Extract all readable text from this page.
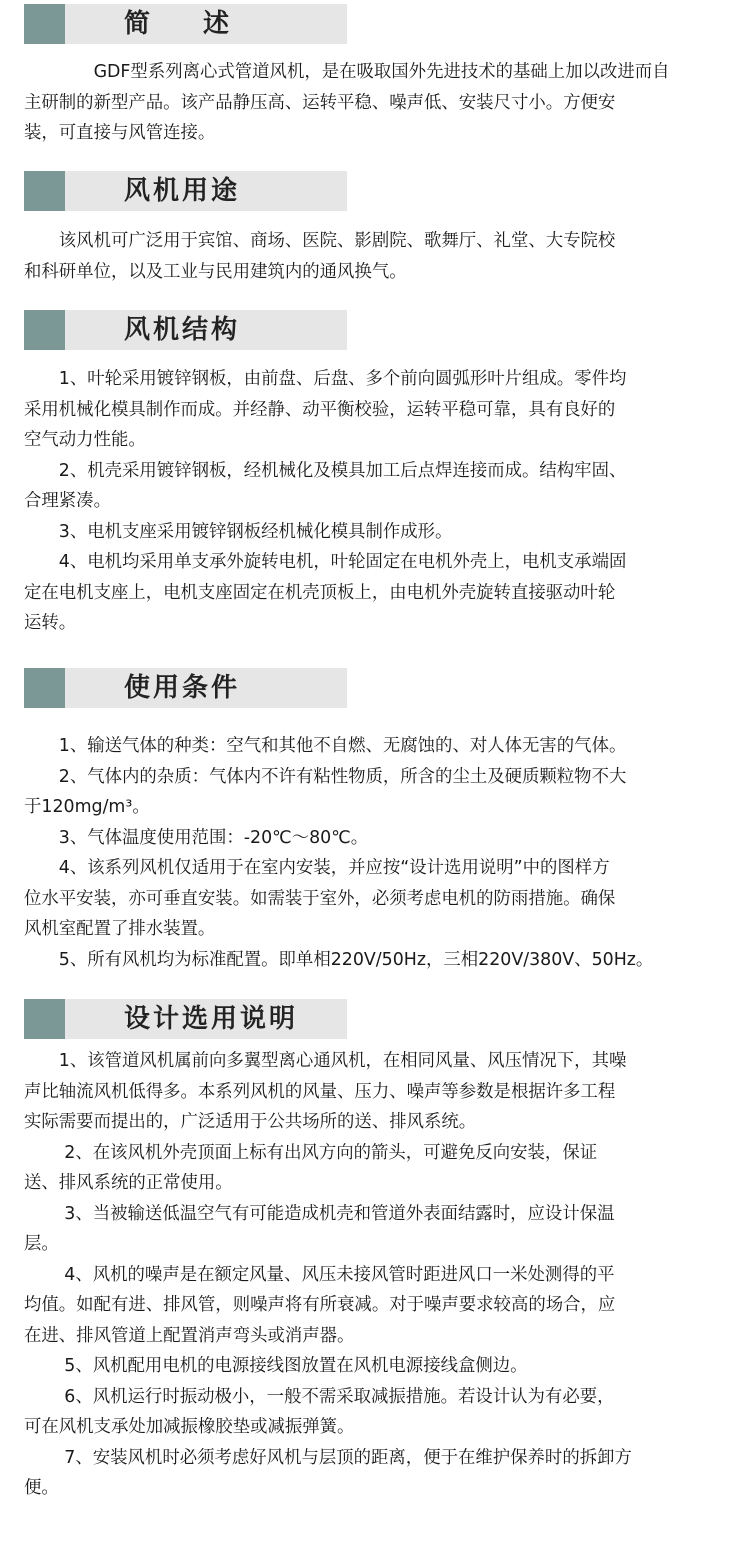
简 述
　　　　GDF型系列离心式管道风机，是在吸取国外先进技术的基础上加以改进而自
主研制的新型产品。该产品静压高、运转平稳、噪声低、安装尺寸小。方便安
装，可直接与风管连接。
风机用途
　　该风机可广泛用于宾馆、商场、医院、影剧院、歌舞厅、礼堂、大专院校
和科研单位，以及工业与民用建筑内的通风换气。
风机结构
　　1、叶轮采用镀锌钢板，由前盘、后盘、多个前向圆弧形叶片组成。零件均
采用机械化模具制作而成。并经静、动平衡校验，运转平稳可靠，具有良好的
空气动力性能。
　　2、机壳采用镀锌钢板，经机械化及模具加工后点焊连接而成。结构牢固、
合理紧凑。
　　3、电机支座采用镀锌钢板经机械化模具制作成形。
　　4、电机均采用单支承外旋转电机，叶轮固定在电机外壳上，电机支承端固
定在电机支座上，电机支座固定在机壳顶板上，由电机外壳旋转直接驱动叶轮
运转。
使用条件
　　1、输送气体的种类：空气和其他不自燃、无腐蚀的、对人体无害的气体。
　　2、气体内的杂质：气体内不许有粘性物质，所含的尘土及硬质颗粒物不大
于120mg/m³。
　　3、气体温度使用范围：-20℃～80℃。
　　4、该系列风机仅适用于在室内安装，并应按“设计选用说明”中的图样方
位水平安装，亦可垂直安装。如需装于室外，必须考虑电机的防雨措施。确保
风机室配置了排水装置。
　　5、所有风机均为标准配置。即单相220V/50Hz，三相220V/380V、50Hz。
设计选用说明
　　1、该管道风机属前向多翼型离心通风机，在相同风量、风压情况下，其噪
声比轴流风机低得多。本系列风机的风量、压力、噪声等参数是根据许多工程
实际需要而提出的，广泛适用于公共场所的送、排风系统。
　　 2、在该风机外壳顶面上标有出风方向的箭头，可避免反向安装，保证
送、排风系统的正常使用。
　　 3、当被输送低温空气有可能造成机壳和管道外表面结露时，应设计保温
层。
　　 4、风机的噪声是在额定风量、风压未接风管时距进风口一米处测得的平
均值。如配有进、排风管，则噪声将有所衰减。对于噪声要求较高的场合，应
在进、排风管道上配置消声弯头或消声器。
　　 5、风机配用电机的电源接线图放置在风机电源接线盒侧边。
　　 6、风机运行时振动极小，一般不需采取减振措施。若设计认为有必要，
可在风机支承处加减振橡胶垫或减振弹簧。
　　 7、安装风机时必须考虑好风机与层顶的距离，便于在维护保养时的拆卸方
便。
